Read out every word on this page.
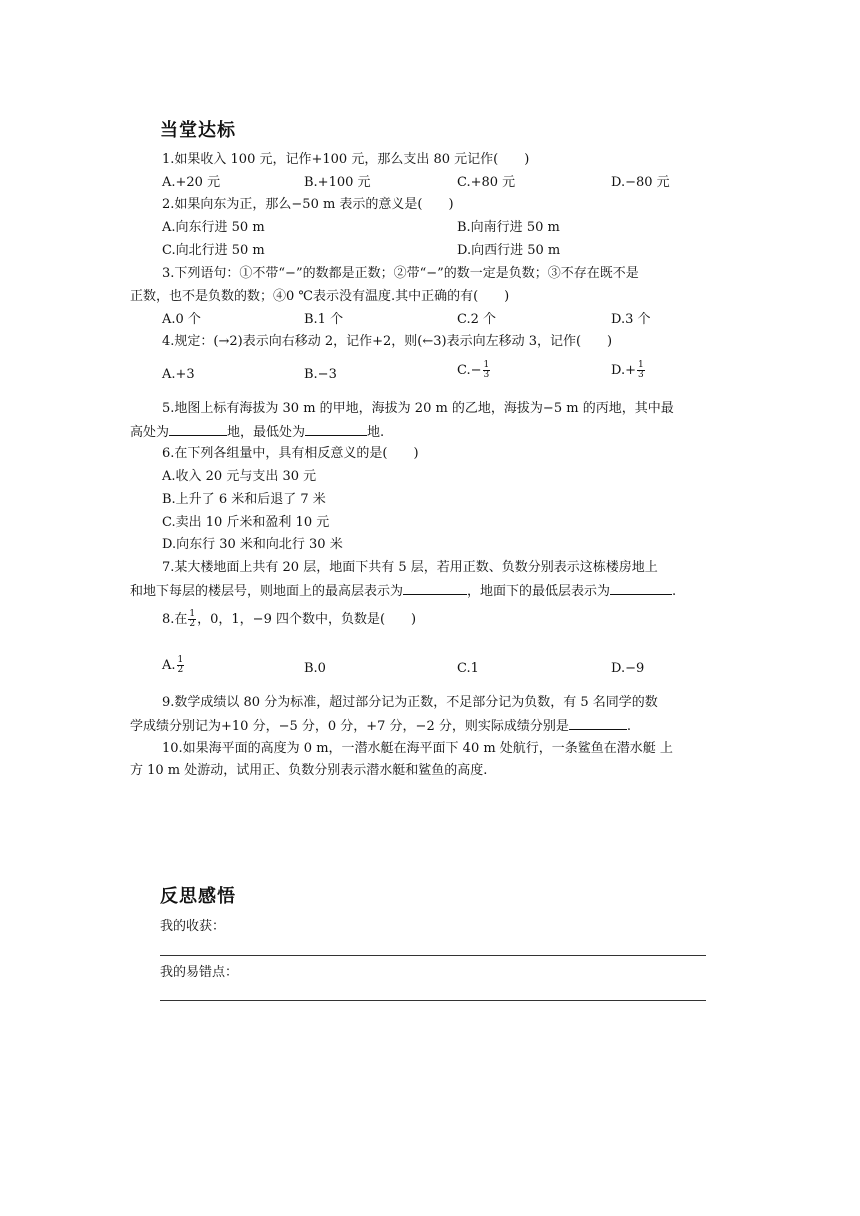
当堂达标
1.如果收入 100 元，记作+100 元，那么支出 80 元记作(　　)
A.+20 元	B.+100 元	C.+80 元	D.−80 元
2.如果向东为正，那么−50 m 表示的意义是(　　)
A.向东行进 50 m	B.向南行进 50 m
C.向北行进 50 m	D.向西行进 50 m
3.下列语句：①不带“−”的数都是正数；②带“−”的数一定是负数；③不存在既不是
正数，也不是负数的数；④0 ℃表示没有温度.其中正确的有(　　)
A.0 个	B.1 个	C.2 个	D.3 个
4.规定：(→2)表示向右移动 2，记作+2，则(←3)表示向左移动 3，记作(　　)
A.+3	B.−3	$C.- \frac{1}{3}$	$D.+ \frac{1}{3}$
5.地图上标有海拔为 30 m 的甲地，海拔为 20 m 的乙地，海拔为−5 m 的丙地，其中最
高处为	地，最低处为	地.
6.在下列各组量中，具有相反意义的是(　　)
A.收入 20 元与支出 30 元
B.上升了 6 米和后退了 7 米
C.卖出 10 斤米和盈利 10 元
D.向东行 30 米和向北行 30 米
7.某大楼地面上共有 20 层，地面下共有 5 层，若用正数、负数分别表示这栋楼房地上
和地下每层的楼层号，则地面上的最高层表示为	，地面下的最低层表示为	.
8.在 $\frac{1}{2}$ ，0，1，−9 四个数中，负数是(　　)
A. $\frac{1}{2}$	B.0	C.1	D.−9
9.数学成绩以 80 分为标准，超过部分记为正数，不足部分记为负数，有 5 名同学的数
学成绩分别记为+10 分，−5 分，0 分，+7 分，−2 分，则实际成绩分别是	.
10.如果海平面的高度为 0 m，一潜水艇在海平面下 40 m 处航行，一条鲨鱼在潜水艇 上
方 10 m 处游动，试用正、负数分别表示潜水艇和鲨鱼的高度.
反思感悟
我的收获：
我的易错点：
